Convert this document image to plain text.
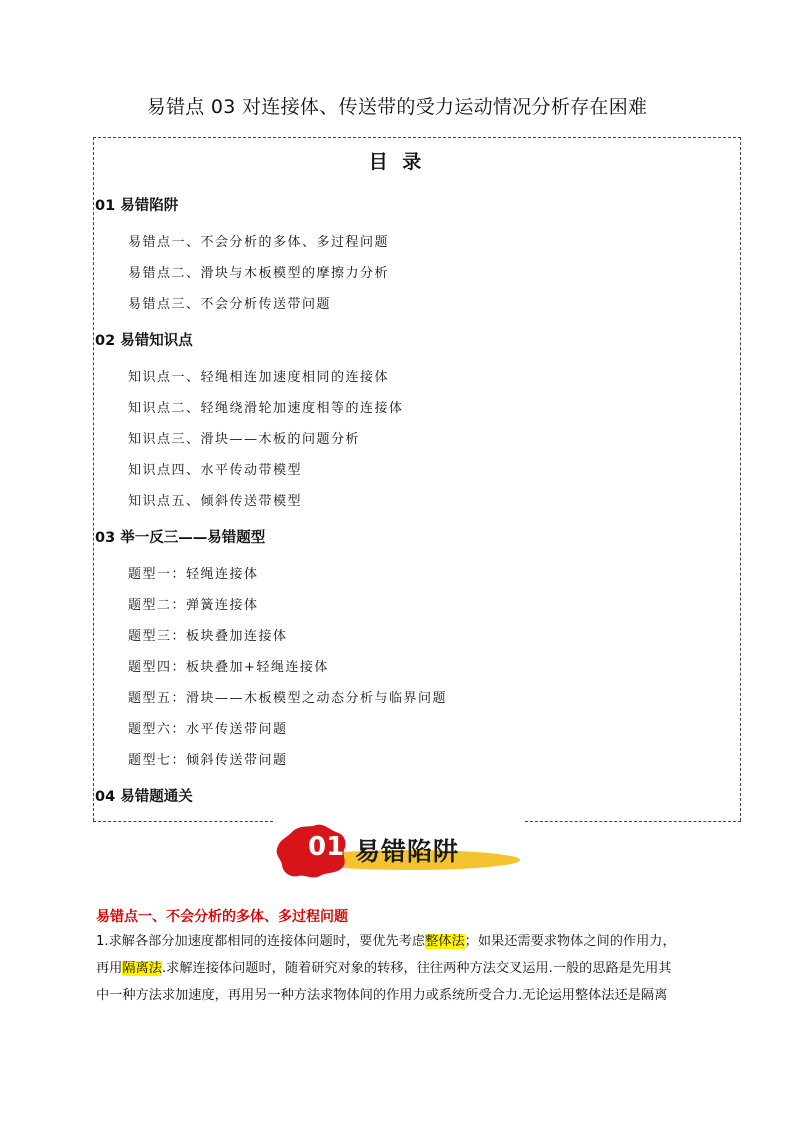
易错点 03 对连接体、传送带的受力运动情况分析存在困难
目 录
01 易错陷阱
易错点一、不会分析的多体、多过程问题
易错点二、滑块与木板模型的摩擦力分析
易错点三、不会分析传送带问题
02 易错知识点
知识点一、轻绳相连加速度相同的连接体
知识点二、轻绳绕滑轮加速度相等的连接体
知识点三、滑块——木板的问题分析
知识点四、水平传动带模型
知识点五、倾斜传送带模型
03 举一反三——易错题型
题型一：轻绳连接体
题型二：弹簧连接体
题型三：板块叠加连接体
题型四：板块叠加+轻绳连接体
题型五：滑块——木板模型之动态分析与临界问题
题型六：水平传送带问题
题型七：倾斜传送带问题
04 易错题通关
01 易错陷阱
易错点一、不会分析的多体、多过程问题
1.求解各部分加速度都相同的连接体问题时，要优先考虑整体法；如果还需要求物体之间的作用力，
再用隔离法.求解连接体问题时，随着研究对象的转移，往往两种方法交叉运用.一般的思路是先用其
中一种方法求加速度，再用另一种方法求物体间的作用力或系统所受合力.无论运用整体法还是隔离
